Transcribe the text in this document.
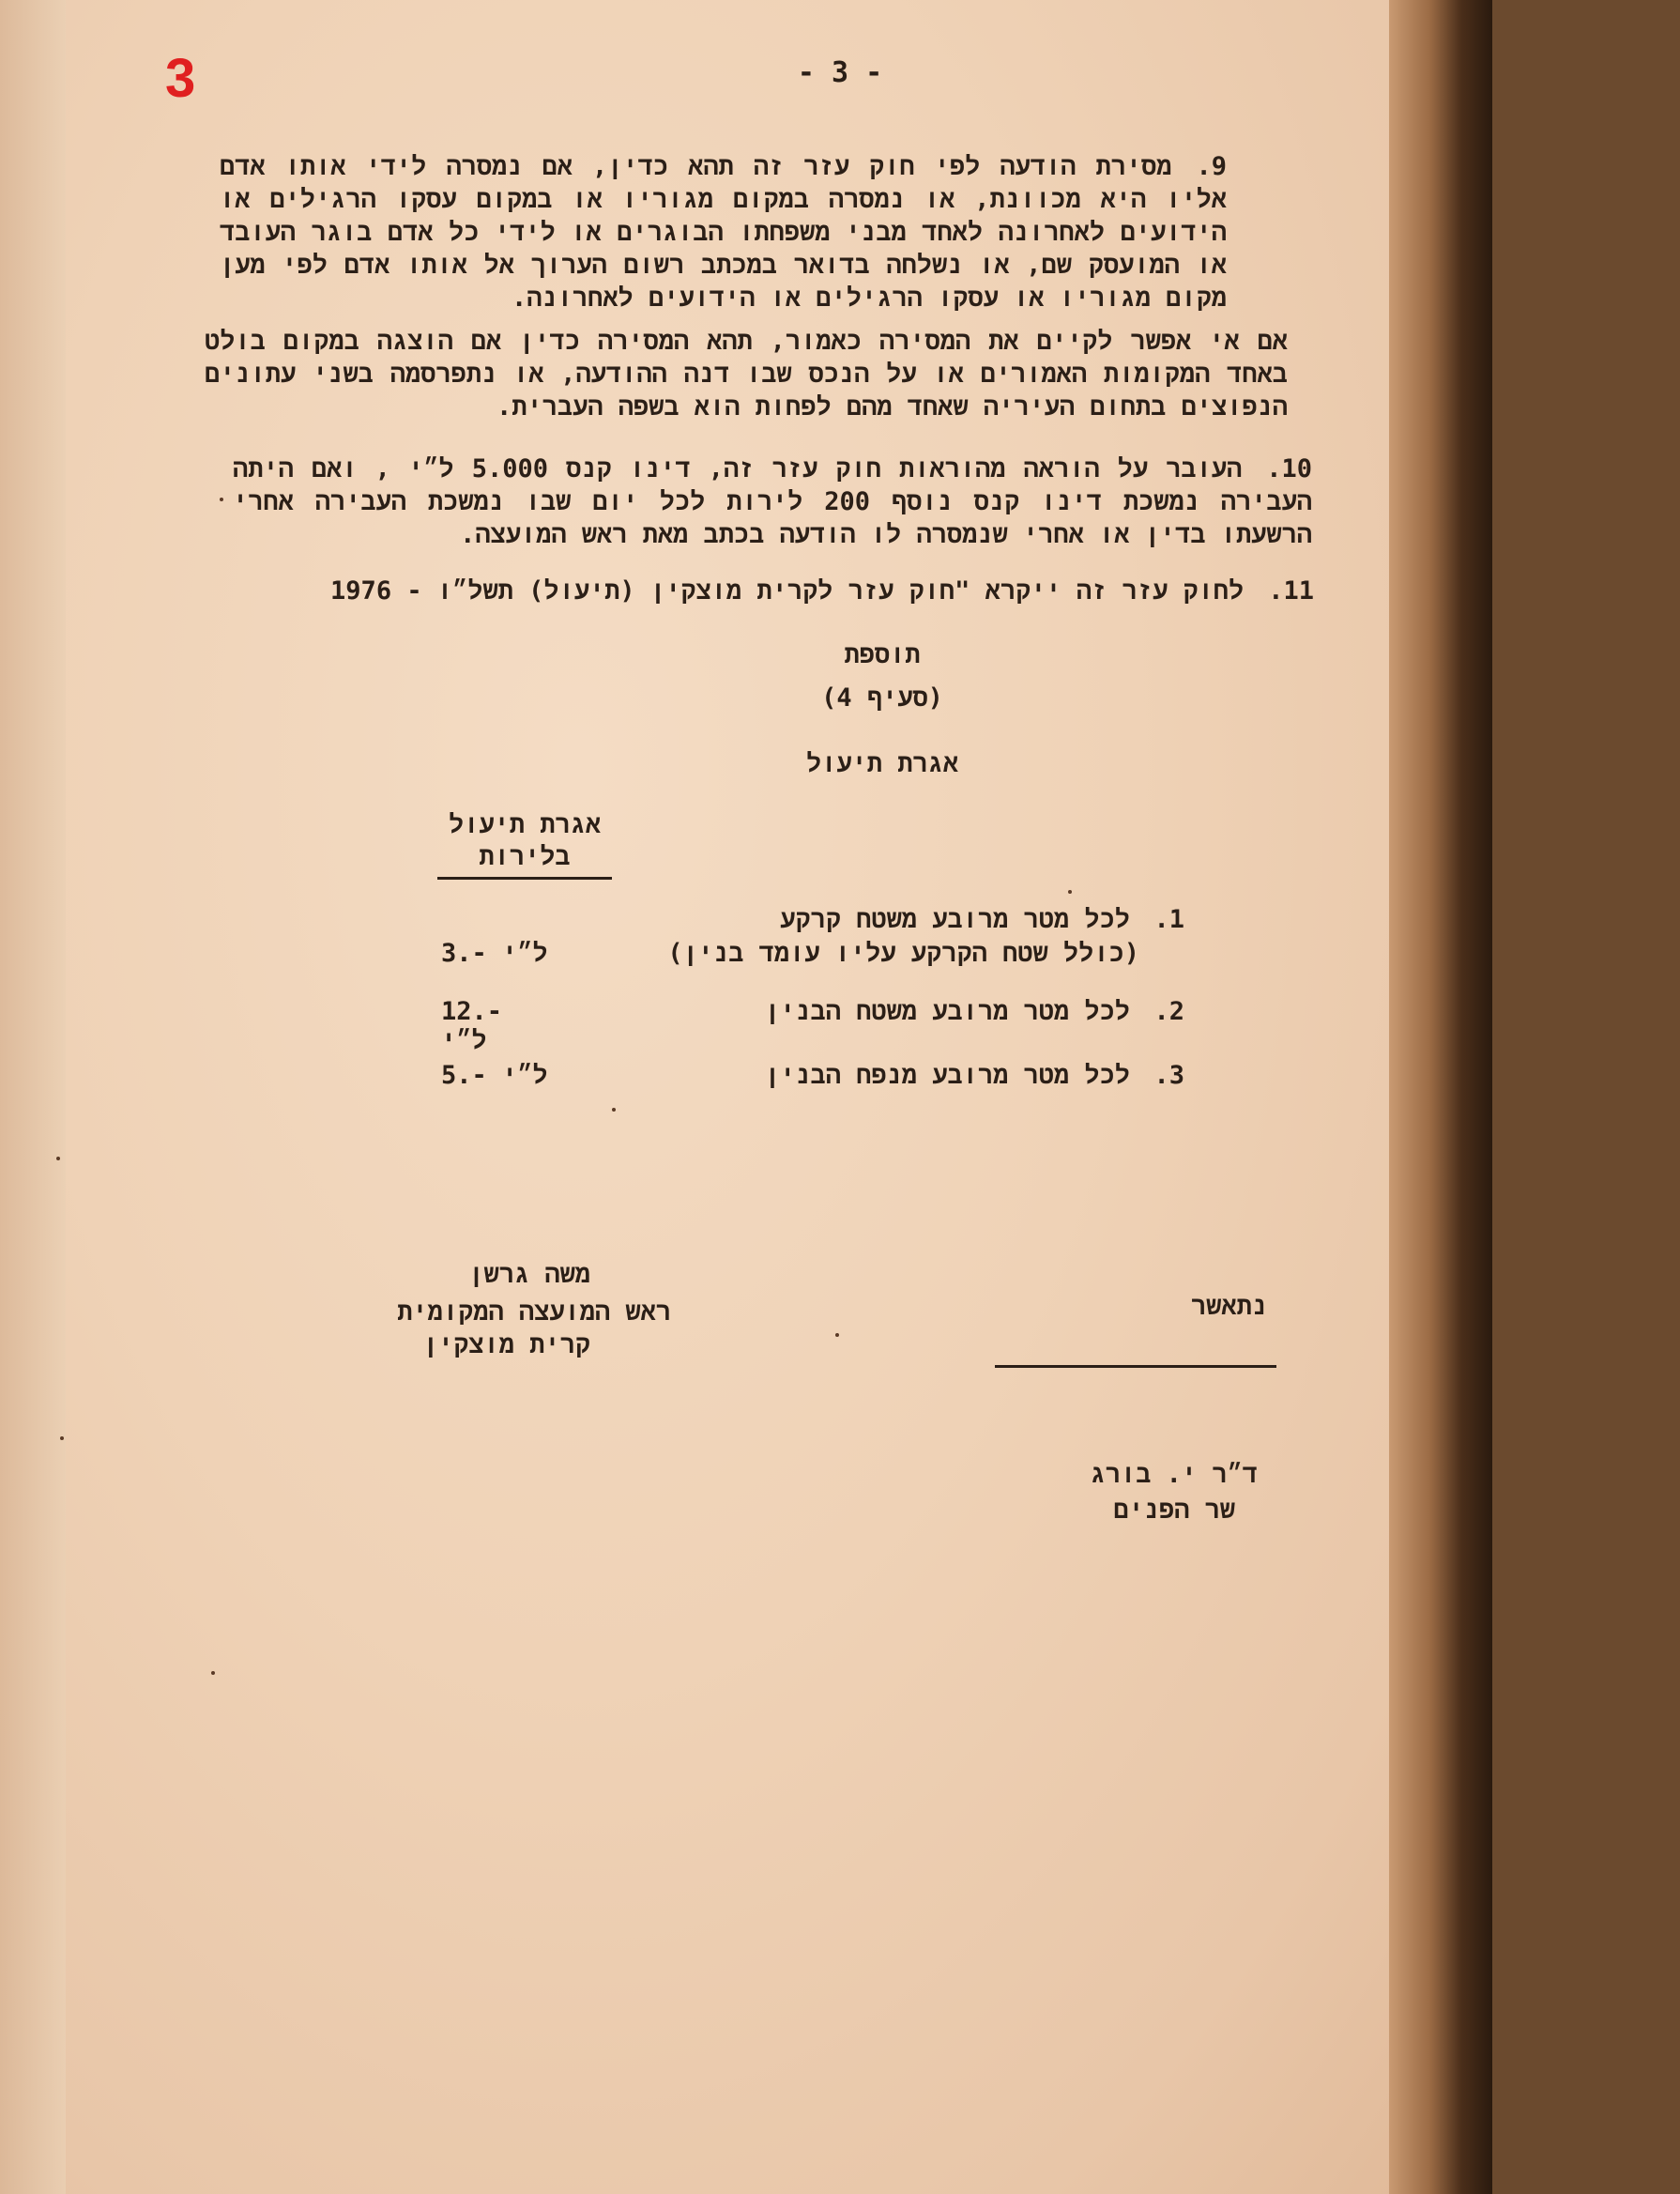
3	- 3 -

9.מסירת הודעה לפי חוק עזר זה תהא כדין, אם נמסרה לידי אותו אדם אליו היא מכוונת, או נמסרה במקום מגוריו או במקום עסקו הרגילים או הידועים לאחרונה לאחד מבני משפחתו הבוגרים או לידי כל אדם בוגר העובד או המועסק שם, או נשלחה בדואר במכתב רשום הערוך אל אותו אדם לפי מען מקום מגוריו או עסקו הרגילים או הידועים לאחרונה.

אם אי אפשר לקיים את המסירה כאמור, תהא המסירה כדין אם הוצגה במקום בולט באחד המקומות האמורים או על הנכס שבו דנה ההודעה, או נתפרסמה בשני עתונים הנפוצים בתחום העיריה שאחד מהם לפחות הוא בשפה העברית.

10.העובר על הוראה מהוראות חוק עזר זה, דינו קנס 5.000 ל״י , ואם היתה העבירה נמשכת דינו קנס נוסף 200 לירות לכל יום שבו נמשכת העבירה אחרי הרשעתו בדין או אחרי שנמסרה לו הודעה בכתב מאת ראש המועצה.

11.לחוק עזר זה ייקרא "חוק עזר לקרית מוצקין (תיעול) תשל״ו - 1976

תוספת
(סעיף 4)
אגרת תיעול
אגרת תיעול
בלירות
1.לכל מטר מרובע משטח קרקע
(כולל שטח הקרקע עליו עומד בנין)
3.- ל״י
2.לכל מטר מרובע משטח הבנין
12.- ל״י
3.לכל מטר מרובע מנפח הבנין
5.- ל״י
משה גרשן
ראש המועצה המקומית
קרית מוצקין
נתאשר
ד״ר י. בורג
שר הפנים
